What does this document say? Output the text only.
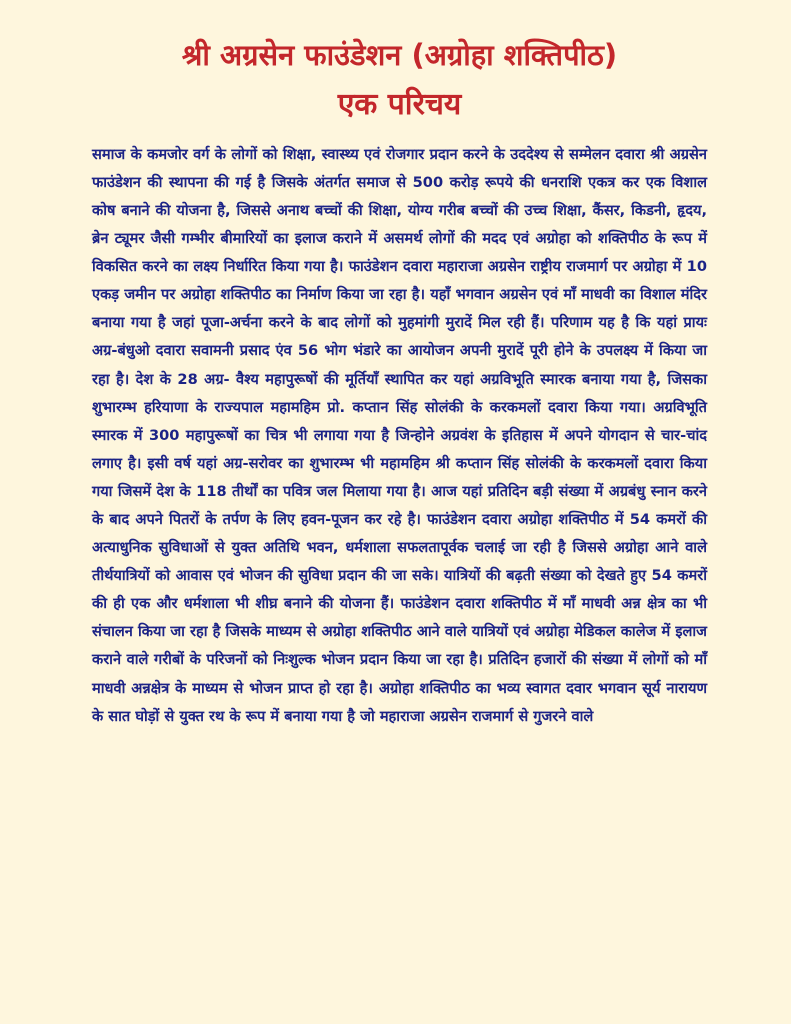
श्री अग्रसेन फाउंडेशन (अग्रोहा शक्तिपीठ)
एक परिचय

समाज के कमजोर वर्ग के लोगों को शिक्षा, स्वास्थ्य एवं रोजगार प्रदान करने के उददेश्य से सम्मेलन दवारा श्री अग्रसेन फाउंडेशन की स्थापना की गई है जिसके अंतर्गत समाज से 500 करोड़ रूपये की धनराशि एकत्र कर एक विशाल कोष बनाने की योजना है, जिससे अनाथ बच्चों की शिक्षा, योग्य गरीब बच्चों की उच्च शिक्षा, कैंसर, किडनी, हृदय, ब्रेन ट्यूमर जैसी गम्भीर बीमारियों का इलाज कराने में असमर्थ लोगों की मदद एवं अग्रोहा को शक्तिपीठ के रूप में विकसित करने का लक्ष्य निर्धारित किया गया है। फाउंडेशन दवारा महाराजा अग्रसेन राष्ट्रीय राजमार्ग पर अग्रोहा में 10 एकड़ जमीन पर अग्रोहा शक्तिपीठ का निर्माण किया जा रहा है। यहाँ भगवान अग्रसेन एवं माँ माधवी का विशाल मंदिर बनाया गया है जहां पूजा-अर्चना करने के बाद लोगों को मुहमांगी मुरादें मिल रही हैं। परिणाम यह है कि यहां प्रायः अग्र-बंधुओ दवारा सवामनी प्रसाद एंव 56 भोग भंडारे का आयोजन अपनी मुरादें पूरी होने के उपलक्ष्य में किया जा रहा है। देश के 28 अग्र- वैश्य महापुरूषों की मूर्तियाँ स्थापित कर यहां अग्रविभूति स्मारक बनाया गया है, जिसका शुभारम्भ हरियाणा के राज्यपाल महामहिम प्रो. कप्तान सिंह सोलंकी के करकमलों दवारा किया गया। अग्रविभूति स्मारक में 300 महापुरूषों का चित्र भी लगाया गया है जिन्होने अग्रवंश के इतिहास में अपने योगदान से चार-चांद लगाए है। इसी वर्ष यहां अग्र-सरोवर का शुभारम्भ भी महामहिम श्री कप्तान सिंह सोलंकी के करकमलों दवारा किया गया जिसमें देश के 118 तीर्थों का पवित्र जल मिलाया गया है। आज यहां प्रतिदिन बड़ी संख्या में अग्रबंधु स्नान करने के बाद अपने पितरों के तर्पण के लिए हवन-पूजन कर रहे है। फाउंडेशन दवारा अग्रोहा शक्तिपीठ में 54 कमरों की अत्याधुनिक सुविधाओं से युक्त अतिथि भवन, धर्मशाला सफलतापूर्वक चलाई जा रही है जिससे अग्रोहा आने वाले तीर्थयात्रियों को आवास एवं भोजन की सुविधा प्रदान की जा सके। यात्रियों की बढ़ती संख्या को देखते हुए 54 कमरों की ही एक और धर्मशाला भी शीघ्र बनाने की योजना हैं। फाउंडेशन दवारा शक्तिपीठ में माँ माधवी अन्न क्षेत्र का भी संचालन किया जा रहा है जिसके माध्यम से अग्रोहा शक्तिपीठ आने वाले यात्रियों एवं अग्रोहा मेडिकल कालेज में इलाज कराने वाले गरीबों के परिजनों को निःशुल्क भोजन प्रदान किया जा रहा है। प्रतिदिन हजारों की संख्या में लोगों को माँ माधवी अन्नक्षेत्र के माध्यम से भोजन प्राप्त हो रहा है। अग्रोहा शक्तिपीठ का भव्य स्वागत दवार भगवान सूर्य नारायण के सात घोड़ों से युक्त रथ के रूप में बनाया गया है जो महाराजा अग्रसेन राजमार्ग से गुजरने वाले
